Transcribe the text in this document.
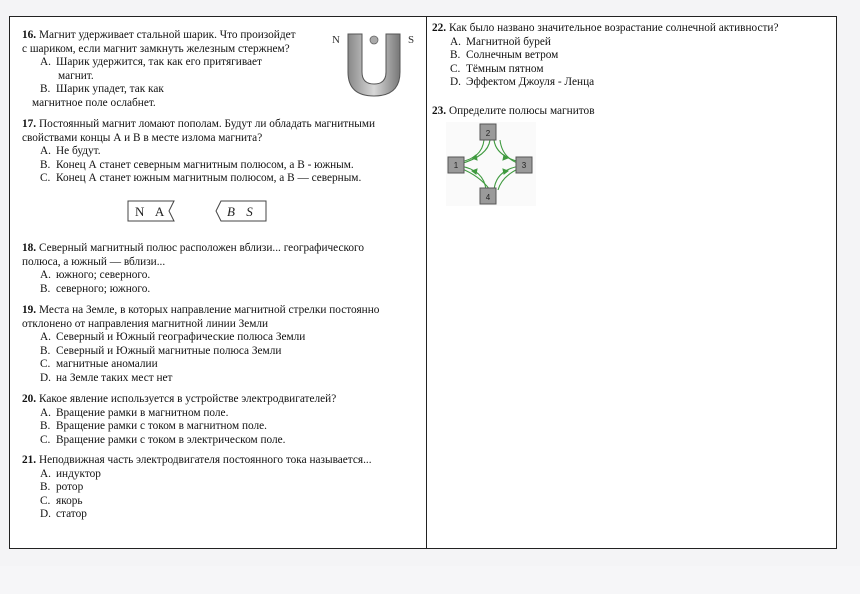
16. Магнит удерживает стальной шарик. Что произойдет
с шариком, если магнит замкнуть железным стержнем?
А. Шарик удержится, так как его притягивает
магнит.
В. Шарик упадет, так как
магнитное поле ослабнет.
N	S
17. Постоянный магнит ломают пополам. Будут ли обладать магнитными
свойствами концы А и В в месте излома магнита?
А. Не будут.
В. Конец А станет северным магнитным полюсом, а В - южным.
С. Конец А станет южным магнитным полюсом, а В — северным.
N A	B S
18. Северный магнитный полюс расположен вблизи... географического
полюса, а южный — вблизи...
А. южного; северного.
В. северного; южного.
19. Места на Земле, в которых направление магнитной стрелки постоянно
отклонено от направления магнитной линии Земли
А. Северный и Южный географические полюса Земли
В. Северный и Южный магнитные полюса Земли
С. магнитные аномалии
D. на Земле таких мест нет
20. Какое явление используется в устройстве электродвигателей?
А. Вращение рамки в магнитном поле.
В. Вращение рамки с током в магнитном поле.
С. Вращение рамки с током в электрическом поле.
21. Неподвижная часть электродвигателя постоянного тока называется...
А. индуктор
В. ротор
С. якорь
D. статор
22. Как было названо значительное возрастание солнечной активности?
А. Магнитной бурей
В. Солнечным ветром
С. Тёмным пятном
D. Эффектом Джоуля - Ленца
23. Определите полюсы магнитов
2
1	3
4
